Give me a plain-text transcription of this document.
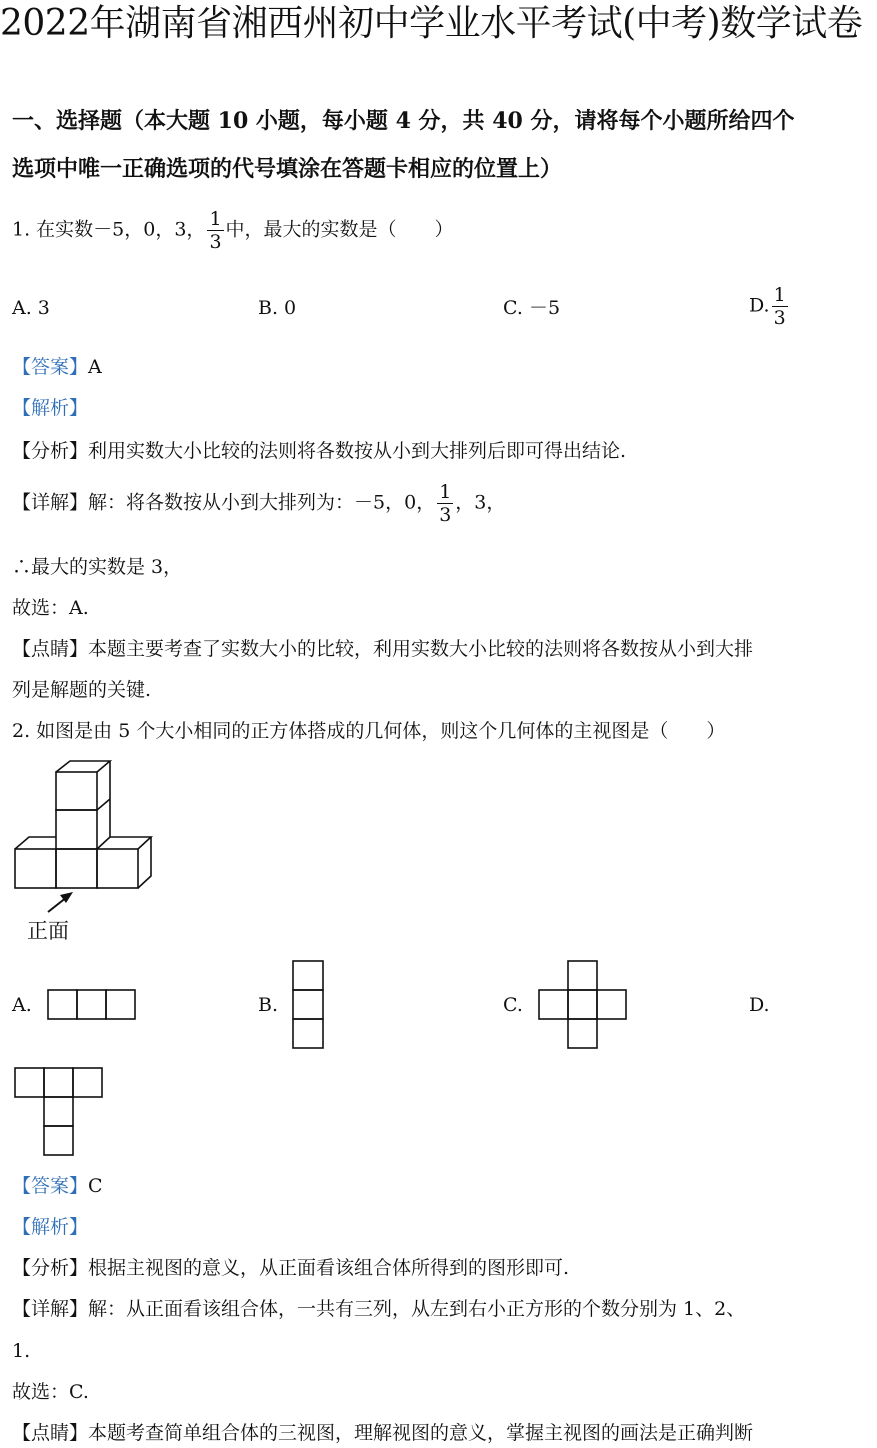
2022年湖南省湘西州初中学业水平考试(中考)数学试卷
一、选择题（本大题 10 小题，每小题 4 分，共 40 分，请将每个小题所给四个
选项中唯一正确选项的代号填涂在答题卡相应的位置上）
1. 在实数－5，0，3， $\frac{1}{3}$ 中，最大的实数是（　　）
A. 3	B. 0	C. －5	D. $\frac{1}{3}$
【答案】A
【解析】
【分析】利用实数大小比较的法则将各数按从小到大排列后即可得出结论.
【详解】解：将各数按从小到大排列为：－5，0， $\frac{1}{3}$ ，3，
∴最大的实数是 3，
故选：A.
【点睛】本题主要考查了实数大小的比较，利用实数大小比较的法则将各数按从小到大排
列是解题的关键.
2. 如图是由 5 个大小相同的正方体搭成的几何体，则这个几何体的主视图是（　　）
正面
A.	B.	C.	D.
【答案】C
【解析】
【分析】根据主视图的意义，从正面看该组合体所得到的图形即可.
【详解】解：从正面看该组合体，一共有三列，从左到右小正方形的个数分别为 1、2、
1.
故选：C.
【点睛】本题考查简单组合体的三视图，理解视图的意义，掌握主视图的画法是正确判断
